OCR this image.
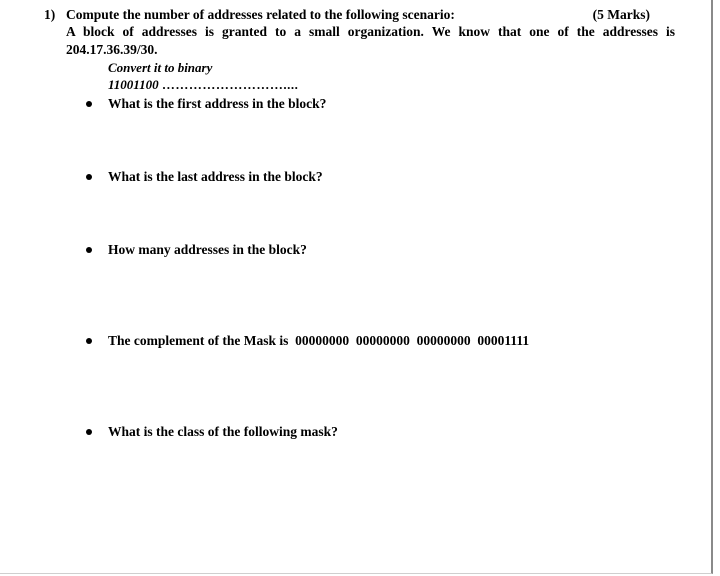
1) Compute the number of addresses related to the following scenario:	(5 Marks)
A block of addresses is granted to a small organization. We know that one of the addresses is
204.17.36.39/30.
Convert it to binary
11001100 ………………………....
What is the first address in the block?
What is the last address in the block?
How many addresses in the block?
The complement of the Mask is  00000000  00000000  00000000  00001111
What is the class of the following mask?
